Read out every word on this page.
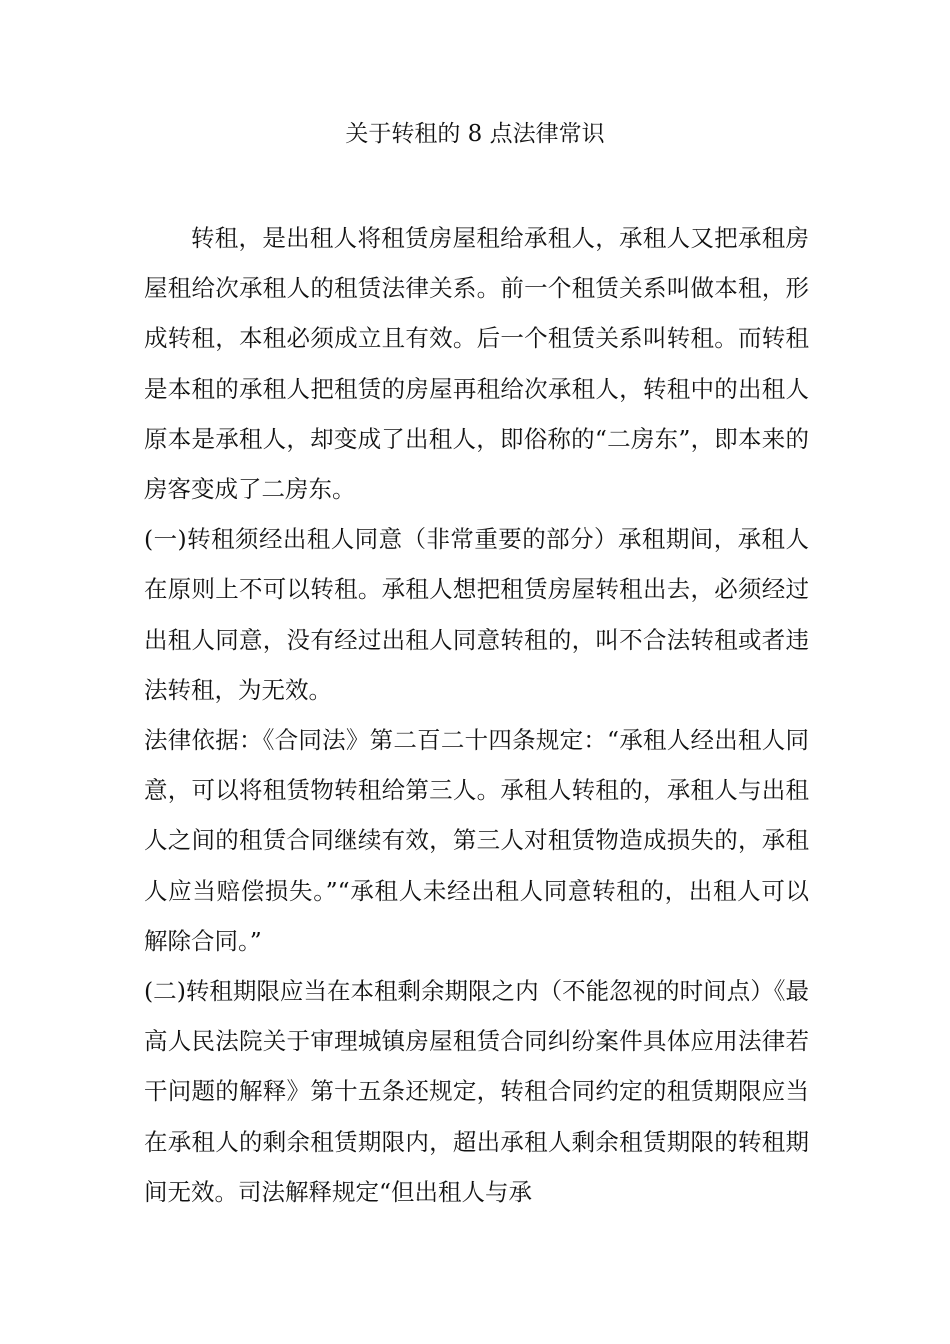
关于转租的 8 点法律常识

转租，是出租人将租赁房屋租给承租人，承租人又把承租房屋租给次承租人的租赁法律关系。前一个租赁关系叫做本租，形成转租，本租必须成立且有效。后一个租赁关系叫转租。而转租是本租的承租人把租赁的房屋再租给次承租人，转租中的出租人原本是承租人，却变成了出租人，即俗称的“二房东”，即本来的房客变成了二房东。

(一)转租须经出租人同意（非常重要的部分）承租期间，承租人在原则上不可以转租。承租人想把租赁房屋转租出去，必须经过出租人同意，没有经过出租人同意转租的，叫不合法转租或者违法转租，为无效。

法律依据：《合同法》第二百二十四条规定：“承租人经出租人同意，可以将租赁物转租给第三人。承租人转租的，承租人与出租人之间的租赁合同继续有效，第三人对租赁物造成损失的，承租人应当赔偿损失。”“承租人未经出租人同意转租的，出租人可以解除合同。”

(二)转租期限应当在本租剩余期限之内（不能忽视的时间点）《最高人民法院关于审理城镇房屋租赁合同纠纷案件具体应用法律若干问题的解释》第十五条还规定，转租合同约定的租赁期限应当在承租人的剩余租赁期限内，超出承租人剩余租赁期限的转租期间无效。司法解释规定“但出租人与承
